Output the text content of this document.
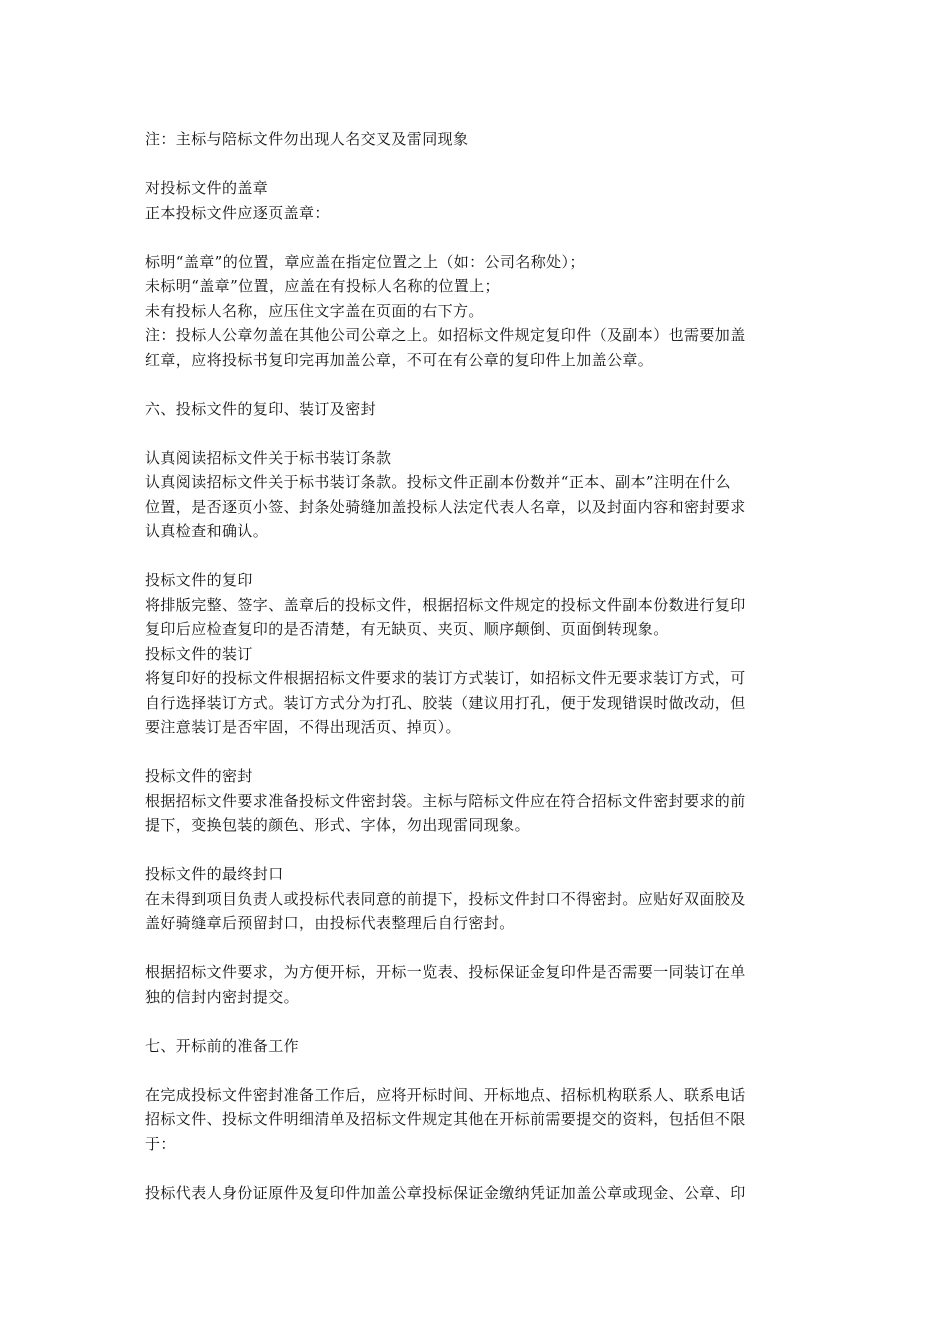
注：主标与陪标文件勿出现人名交叉及雷同现象
对投标文件的盖章
正本投标文件应逐页盖章：
标明“盖章”的位置，章应盖在指定位置之上（如：公司名称处）；
未标明“盖章”位置，应盖在有投标人名称的位置上；
未有投标人名称，应压住文字盖在页面的右下方。
注：投标人公章勿盖在其他公司公章之上。如招标文件规定复印件（及副本）也需要加盖
红章，应将投标书复印完再加盖公章，不可在有公章的复印件上加盖公章。
六、投标文件的复印、装订及密封
认真阅读招标文件关于标书装订条款
认真阅读招标文件关于标书装订条款。投标文件正副本份数并“正本、副本”注明在什么
位置，是否逐页小签、封条处骑缝加盖投标人法定代表人名章，以及封面内容和密封要求
认真检查和确认。
投标文件的复印
将排版完整、签字、盖章后的投标文件，根据招标文件规定的投标文件副本份数进行复印
复印后应检查复印的是否清楚，有无缺页、夹页、顺序颠倒、页面倒转现象。
投标文件的装订
将复印好的投标文件根据招标文件要求的装订方式装订，如招标文件无要求装订方式，可
自行选择装订方式。装订方式分为打孔、胶装（建议用打孔，便于发现错误时做改动，但
要注意装订是否牢固，不得出现活页、掉页）。
投标文件的密封
根据招标文件要求准备投标文件密封袋。主标与陪标文件应在符合招标文件密封要求的前
提下，变换包装的颜色、形式、字体，勿出现雷同现象。
投标文件的最终封口
在未得到项目负责人或投标代表同意的前提下，投标文件封口不得密封。应贴好双面胶及
盖好骑缝章后预留封口，由投标代表整理后自行密封。
根据招标文件要求，为方便开标，开标一览表、投标保证金复印件是否需要一同装订在单
独的信封内密封提交。
七、开标前的准备工作
在完成投标文件密封准备工作后，应将开标时间、开标地点、招标机构联系人、联系电话
招标文件、投标文件明细清单及招标文件规定其他在开标前需要提交的资料，包括但不限
于：
投标代表人身份证原件及复印件加盖公章投标保证金缴纳凭证加盖公章或现金、公章、印
